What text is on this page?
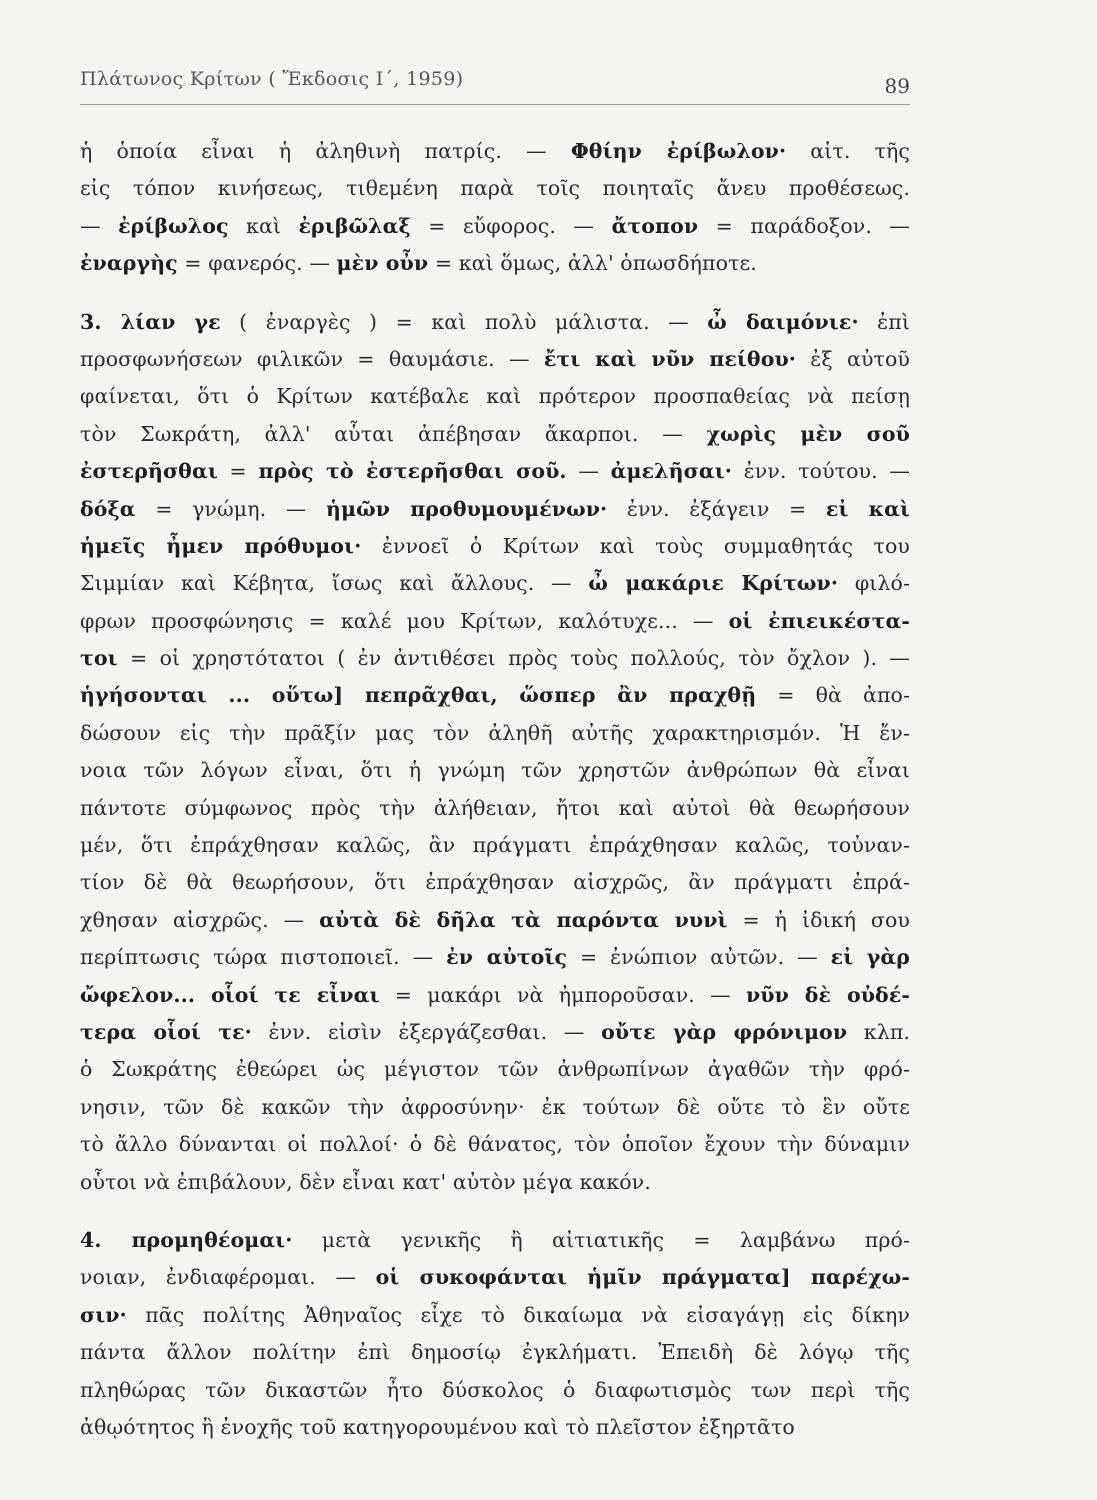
Πλάτωνος Κρίτων ( Ἔκδοσις Ι΄, 1959)	89
ἡ ὁποία εἶναι ἡ ἀληθινὴ πατρίς. — Φθίην ἐρίβωλον· αἰτ. τῆς
εἰς τόπον κινήσεως, τιθεμένη παρὰ τοῖς ποιηταῖς ἄνευ προθέσεως.
— ἐρίβωλος καὶ ἐριβῶλαξ = εὔφορος. — ἄτοπον = παράδοξον. —
ἐναργὴς = φανερός. — μὲν οὖν = καὶ ὅμως, ἀλλ' ὁπωσδήποτε.
3. λίαν γε ( ἐναργὲς ) = καὶ πολὺ μάλιστα. — ὦ δαιμόνιε· ἐπὶ
προσφωνήσεων φιλικῶν = θαυμάσιε. — ἔτι καὶ νῦν πείθου· ἐξ αὐτοῦ
φαίνεται, ὅτι ὁ Κρίτων κατέβαλε καὶ πρότερον προσπαθείας νὰ πείσῃ
τὸν Σωκράτη, ἀλλ' αὗται ἀπέβησαν ἄκαρποι. — χωρὶς μὲν σοῦ
ἐστερῆσθαι = πρὸς τὸ ἐστερῆσθαι σοῦ. — ἀμελῆσαι· ἐνν. τούτου. —
δόξα = γνώμη. — ἡμῶν προθυμουμένων· ἐνν. ἐξάγειν = εἰ καὶ
ἡμεῖς ἦμεν πρόθυμοι· ἐννοεῖ ὁ Κρίτων καὶ τοὺς συμμαθητάς του
Σιμμίαν καὶ Κέβητα, ἴσως καὶ ἄλλους. — ὦ μακάριε Κρίτων· φιλό-
φρων προσφώνησις = καλέ μου Κρίτων, καλότυχε... — οἱ ἐπιεικέστα-
τοι = οἱ χρηστότατοι ( ἐν ἀντιθέσει πρὸς τοὺς πολλούς, τὸν ὄχλον ). —
ἡγήσονται ... οὕτω] πεπρᾶχθαι, ὥσπερ ἂν πραχθῇ = θὰ ἀπο-
δώσουν εἰς τὴν πρᾶξίν μας τὸν ἀληθῆ αὐτῆς χαρακτηρισμόν. Ἡ ἔν-
νοια τῶν λόγων εἶναι, ὅτι ἡ γνώμη τῶν χρηστῶν ἀνθρώπων θὰ εἶναι
πάντοτε σύμφωνος πρὸς τὴν ἀλήθειαν, ἤτοι καὶ αὐτοὶ θὰ θεωρήσουν
μέν, ὅτι ἐπράχθησαν καλῶς, ἂν πράγματι ἐπράχθησαν καλῶς, τοὐναν-
τίον δὲ θὰ θεωρήσουν, ὅτι ἐπράχθησαν αἰσχρῶς, ἂν πράγματι ἐπρά-
χθησαν αἰσχρῶς. — αὐτὰ δὲ δῆλα τὰ παρόντα νυνὶ = ἡ ἰδική σου
περίπτωσις τώρα πιστοποιεῖ. — ἐν αὐτοῖς = ἐνώπιον αὐτῶν. — εἰ γὰρ
ὤφελον... οἷοί τε εἶναι = μακάρι νὰ ἠμποροῦσαν. — νῦν δὲ οὐδέ-
τερα οἷοί τε· ἐνν. εἰσὶν ἐξεργάζεσθαι. — οὔτε γὰρ φρόνιμον κλπ.
ὁ Σωκράτης ἐθεώρει ὡς μέγιστον τῶν ἀνθρωπίνων ἀγαθῶν τὴν φρό-
νησιν, τῶν δὲ κακῶν τὴν ἀφροσύνην· ἐκ τούτων δὲ οὔτε τὸ ἓν οὔτε
τὸ ἄλλο δύνανται οἱ πολλοί· ὁ δὲ θάνατος, τὸν ὁποῖον ἔχουν τὴν δύναμιν
οὗτοι νὰ ἐπιβάλουν, δὲν εἶναι κατ' αὐτὸν μέγα κακόν.
4. προμηθέομαι· μετὰ γενικῆς ἢ αἰτιατικῆς = λαμβάνω πρό-
νοιαν, ἐνδιαφέρομαι. — οἱ συκοφάνται ἡμῖν πράγματα] παρέχω-
σιν· πᾶς πολίτης Ἀθηναῖος εἶχε τὸ δικαίωμα νὰ εἰσαγάγῃ εἰς δίκην
πάντα ἄλλον πολίτην ἐπὶ δημοσίῳ ἐγκλήματι. Ἐπειδὴ δὲ λόγῳ τῆς
πληθώρας τῶν δικαστῶν ἦτο δύσκολος ὁ διαφωτισμὸς των περὶ τῆς
ἀθῳότητος ἢ ἐνοχῆς τοῦ κατηγορουμένου καὶ τὸ πλεῖστον ἐξηρτᾶτο
